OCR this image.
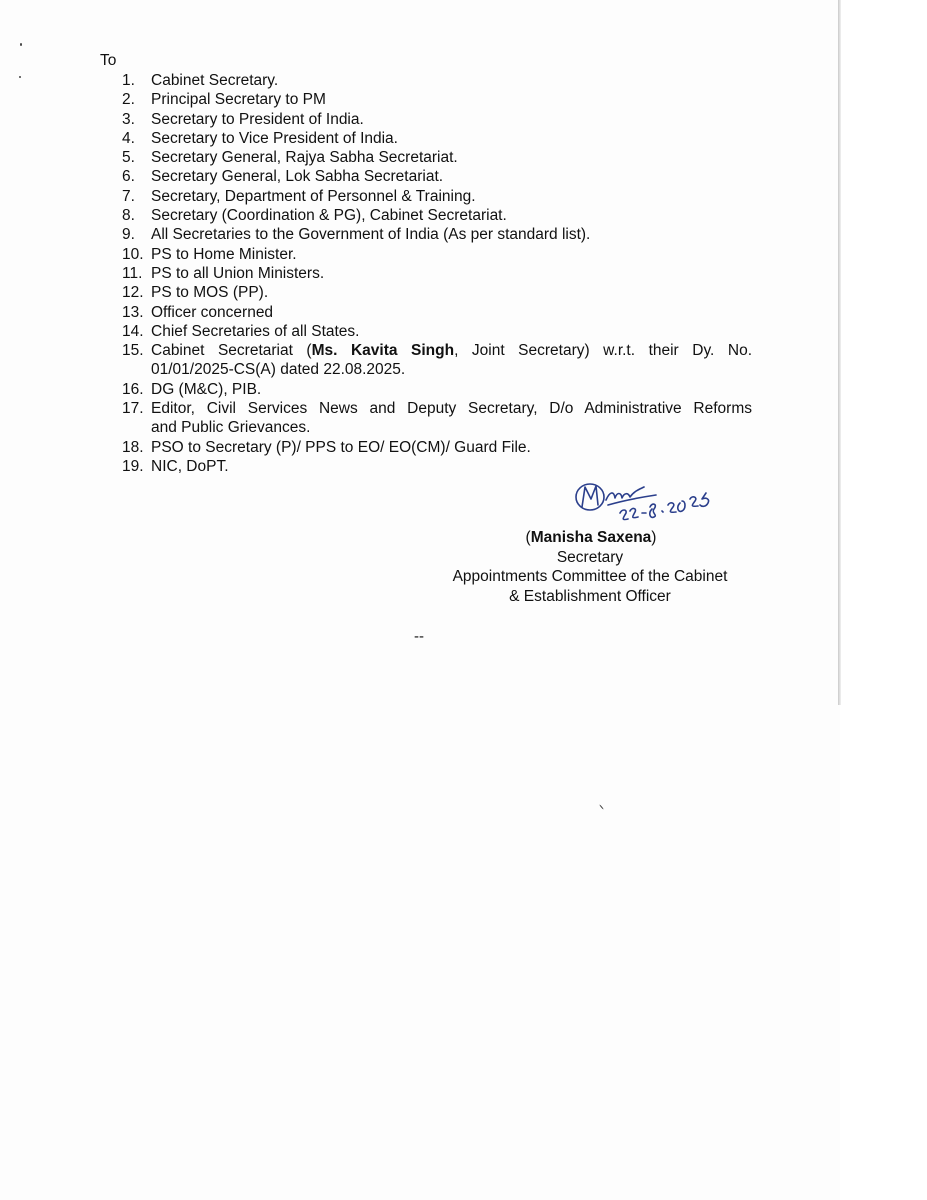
To
1. Cabinet Secretary.
2. Principal Secretary to PM
3. Secretary to President of India.
4. Secretary to Vice President of India.
5. Secretary General, Rajya Sabha Secretariat.
6. Secretary General, Lok Sabha Secretariat.
7. Secretary, Department of Personnel & Training.
8. Secretary (Coordination & PG), Cabinet Secretariat.
9. All Secretaries to the Government of India (As per standard list).
10. PS to Home Minister.
11. PS to all Union Ministers.
12. PS to MOS (PP).
13. Officer concerned
14. Chief Secretaries of all States.
15. Cabinet Secretariat (Ms. Kavita Singh, Joint Secretary) w.r.t. their Dy. No.
01/01/2025-CS(A) dated 22.08.2025.
16. DG (M&C), PIB.
17. Editor, Civil Services News and Deputy Secretary, D/o Administrative Reforms
and Public Grievances.
18. PSO to Secretary (P)/ PPS to EO/ EO(CM)/ Guard File.
19. NIC, DoPT.
(Manisha Saxena)
Secretary
Appointments Committee of the Cabinet
& Establishment Officer
--
